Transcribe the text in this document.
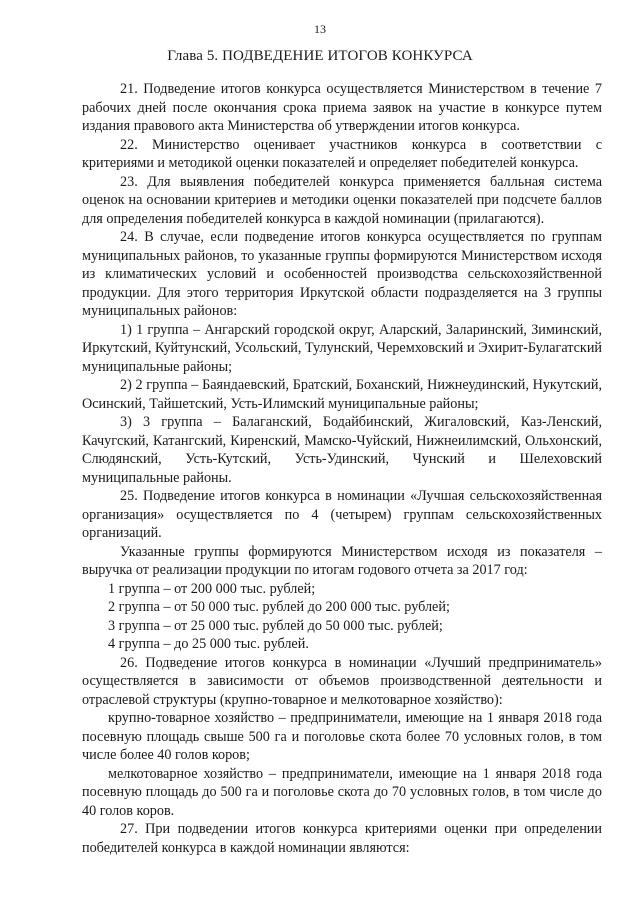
13
Глава 5. ПОДВЕДЕНИЕ ИТОГОВ КОНКУРСА

21. Подведение итогов конкурса осуществляется Министерством в течение 7 рабочих дней после окончания срока приема заявок на участие в конкурсе путем издания правового акта Министерства об утверждении итогов конкурса.

22. Министерство оценивает участников конкурса в соответствии с критериями и методикой оценки показателей и определяет победителей конкурса.

23. Для выявления победителей конкурса применяется балльная система оценок на основании критериев и методики оценки показателей при подсчете баллов для определения победителей конкурса в каждой номинации (прилагаются).

24. В случае, если подведение итогов конкурса осуществляется по группам муниципальных районов, то указанные группы формируются Министерством исходя из климатических условий и особенностей производства сельскохозяйственной продукции. Для этого территория Иркутской области подразделяется на 3 группы муниципальных районов:

1) 1 группа – Ангарский городской округ, Аларский, Заларинский, Зиминский, Иркутский, Куйтунский, Усольский, Тулунский, Черемховский и Эхирит-Булагатский муниципальные районы;

2) 2 группа – Баяндаевский, Братский, Боханский, Нижнеудинский, Нукутский, Осинский, Тайшетский, Усть-Илимский муниципальные районы;

3) 3 группа – Балаганский, Бодайбинский, Жигаловский, Каз-Ленский, Качугский, Катангский, Киренский, Мамско-Чуйский, Нижнеилимский, Ольхонский, Слюдянский, Усть-Кутский, Усть-Удинский, Чунский и Шелеховский муниципальные районы.

25. Подведение итогов конкурса в номинации «Лучшая сельскохозяйственная организация» осуществляется по 4 (четырем) группам сельскохозяйственных организаций.

Указанные группы формируются Министерством исходя из показателя – выручка от реализации продукции по итогам годового отчета за 2017 год:

1 группа – от 200 000 тыс. рублей;

2 группа – от 50 000 тыс. рублей до 200 000 тыс. рублей;

3 группа – от 25 000 тыс. рублей до 50 000 тыс. рублей;

4 группа – до 25 000 тыс. рублей.

26. Подведение итогов конкурса в номинации «Лучший предприниматель» осуществляется в зависимости от объемов производственной деятельности и отраслевой структуры (крупно-товарное и мелкотоварное хозяйство):

крупно-товарное хозяйство – предприниматели, имеющие на 1 января 2018 года посевную площадь свыше 500 га и поголовье скота более 70 условных голов, в том числе более 40 голов коров;

мелкотоварное хозяйство – предприниматели, имеющие на 1 января 2018 года посевную площадь до 500 га и поголовье скота до 70 условных голов, в том числе до 40 голов коров.

27. При подведении итогов конкурса критериями оценки при определении победителей конкурса в каждой номинации являются:
